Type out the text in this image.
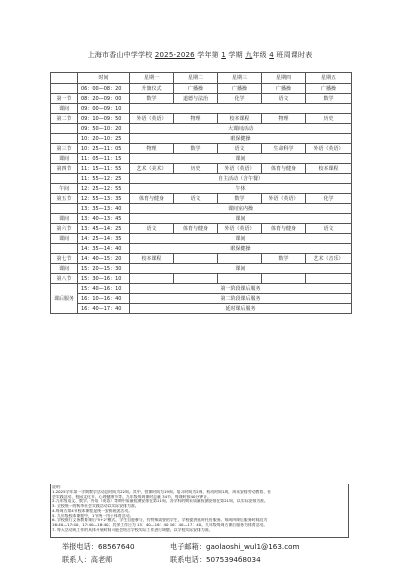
上海市香山中学学校 2025-2026 学年第 1 学期 九年级 4 班周课时表
	时间	星期一	星期二	星期三	星期四	星期五
	06：00—08：20	升旗仪式	广播操	广播操	广播操	广播操
第一节	08：20—09：00	数学	道德与法治	化学	语文	数学
课间	09：00—09：10					
第二节	09：10—09：50	外语（英语）	物理	校本课程	物理	历史
	09：50—10：20	大课间活动				
	10：20—10：25	眼保健操				
第三节	10：25—11：05	物理	数学	语文	生命科学	外语（英语）
课间	11：05—11：15	课间				
第四节	11：15—11：55	艺术（美术）	历史	外语（英语）	体育与健身	校本课程
	11：55—12：25	自主活动（含午餐）				
午间	12：25—12：55	午休				
第五节	12：55—13：35	体育与健身	语文	数学	外语（英语）	化学
	13：35—13：40	课间室内操				
课间	13：40—13：45	课间				
第六节	13：45—14：25	语文	体育与健身	外语（英语）	体育与健身	语文
课间	14：25—14：35	课间				
	14：35—14：40	眼保健操				
第七节	14：40—15：20	校本课程			数学	艺术（音乐）
课间	15：20—15：30	课间				
第八节	15：30—16：10					
课后服务	15：40—16：10	第一阶段课后服务				
	16：10—16：40	第二阶段课后服务				
	16：40—17：40	延时课后服务				
说明：
1.2025学年第一学期教学活动总时间为22周。其中，授课时间为19周，复习时间为2周，机动时间1周，周末安排劳动教育、社
会实践活动、校园文化节、心理健康节等。九年级每周课时总量 34节，每课时按40分钟计。
2.九年级语文、数学、外语（英语）等期中质量检测安排在第11周，各学科的期末质量检测安排在第21周，以实际安排为准。
3. 全校统一的秋季社会实践活动以实际安排为准。
4.每周五第4节校本课程是统一安排班团活动。
5. 九年级校本课程中，1节统一用于体育活动。
6. 学校推行义务教育课后"5+2"模式，学生自愿参与，有特殊需要的学生，学校提供延时托管服务。每周四课后服务时间段为
16:40—17:40、17:40—18:40；其余工作日为 15：40—16：40 16：40—17：40。九年级每周五课后服务为体育活动。
7. 每天活动成工作的具体开展时间可能会结合学校实际工作进行调整。以学校实际安排为准。
举报电话：68567640	电子邮箱：gaolaoshi_wul1@163.com
联系人：高老师	联系电话：5075394б8034
